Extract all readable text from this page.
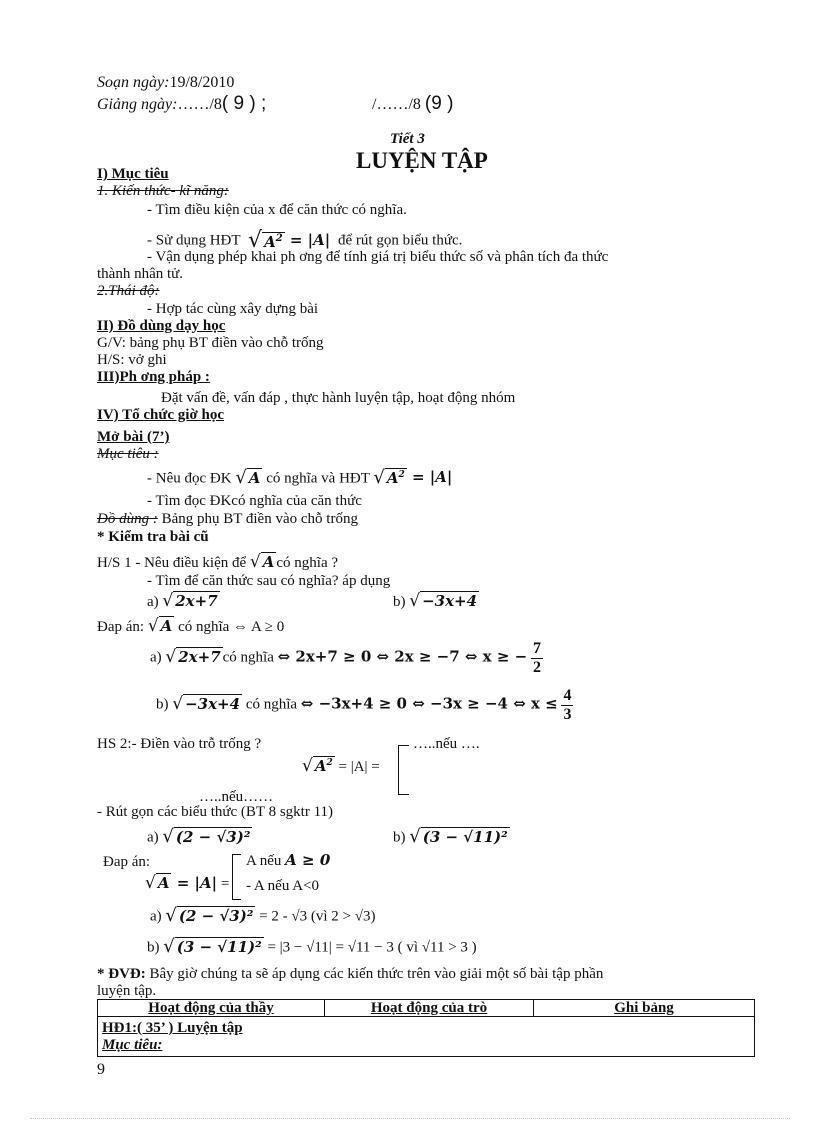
Soạn ngày:19/8/2010
Giảng ngày:……/8( 9 ) ;	/……/8 (9 )
Tiết 3
LUYỆN TẬP
I) Mục tiêu
1. Kiến thức- kĩ năng:
- Tìm điều kiện của x để căn thức có nghĩa.
- Sử dụng HĐT √ $A^2 = |A|$ để rút gọn biểu thức.
- Vận dụng phép khai ph ơng để tính giá trị biểu thức số và phân tích đa thức
thành nhân tử.
2.Thái độ:
- Hợp tác cùng xây dựng bài
II) Đồ dùng dạy học
G/V: bảng phụ BT điền vào chỗ trống
H/S: vở ghi
III)Ph ơng pháp :
Đặt vấn đề, vấn đáp , thực hành luyện tập, hoạt động nhóm
IV) Tổ chức giờ học
Mở bài (7’)
Mục tiêu :
- Nêu đọc ĐK √ A có nghĩa và HĐT √ $A^2 = |A|$
- Tìm đọc ĐKcó nghĩa của căn thức
Đồ dùng : Bảng phụ BT điền vào chỗ trống
* Kiểm tra bài cũ
H/S 1 - Nêu điều kiện để √ A có nghĩa ?
- Tìm để căn thức sau có nghĩa? áp dụng
a) √ 2x+7	b) √ −3x+4
Đap án: √ A có nghĩa ⇔ A ≥ 0
a) √ 2x+7 có nghĩa ⇔ 2x+7 ≥ 0 ⇔ 2x ≥ −7 ⇔ x ≥ − $\frac{7}{2}$
b) √ −3x+4 có nghĩa ⇔ −3x+4 ≥ 0 ⇔ −3x ≥ −4 ⇔ $x \le \frac{4}{3}$
HS 2:- Điền vào trỗ trống ?	…..nếu ….
√ $A^2 = |A|$ =
…..nếu……
- Rút gọn các biểu thức (BT 8 sgktr 11)
a) √ (2 − √3)²	b) √ (3 − √11)²
Đap án:
√ A = |A| =
A nếu A ≥ 0
- A nếu A<0
a) √ (2 − √3)² = 2 - √3 (vì 2 > √3)
b) √ (3 − √11)² = |3 − √11| = √11 − 3 ( vì √11 > 3 )
* ĐVĐ: Bây giờ chúng ta sẽ áp dụng các kiến thức trên vào giải một số bài tập phần
luyện tập.
Hoạt động của thầy	Hoạt động của trò	Ghi bảng

HĐ1:( 35’ ) Luyện tập
Mục tiêu:
9
